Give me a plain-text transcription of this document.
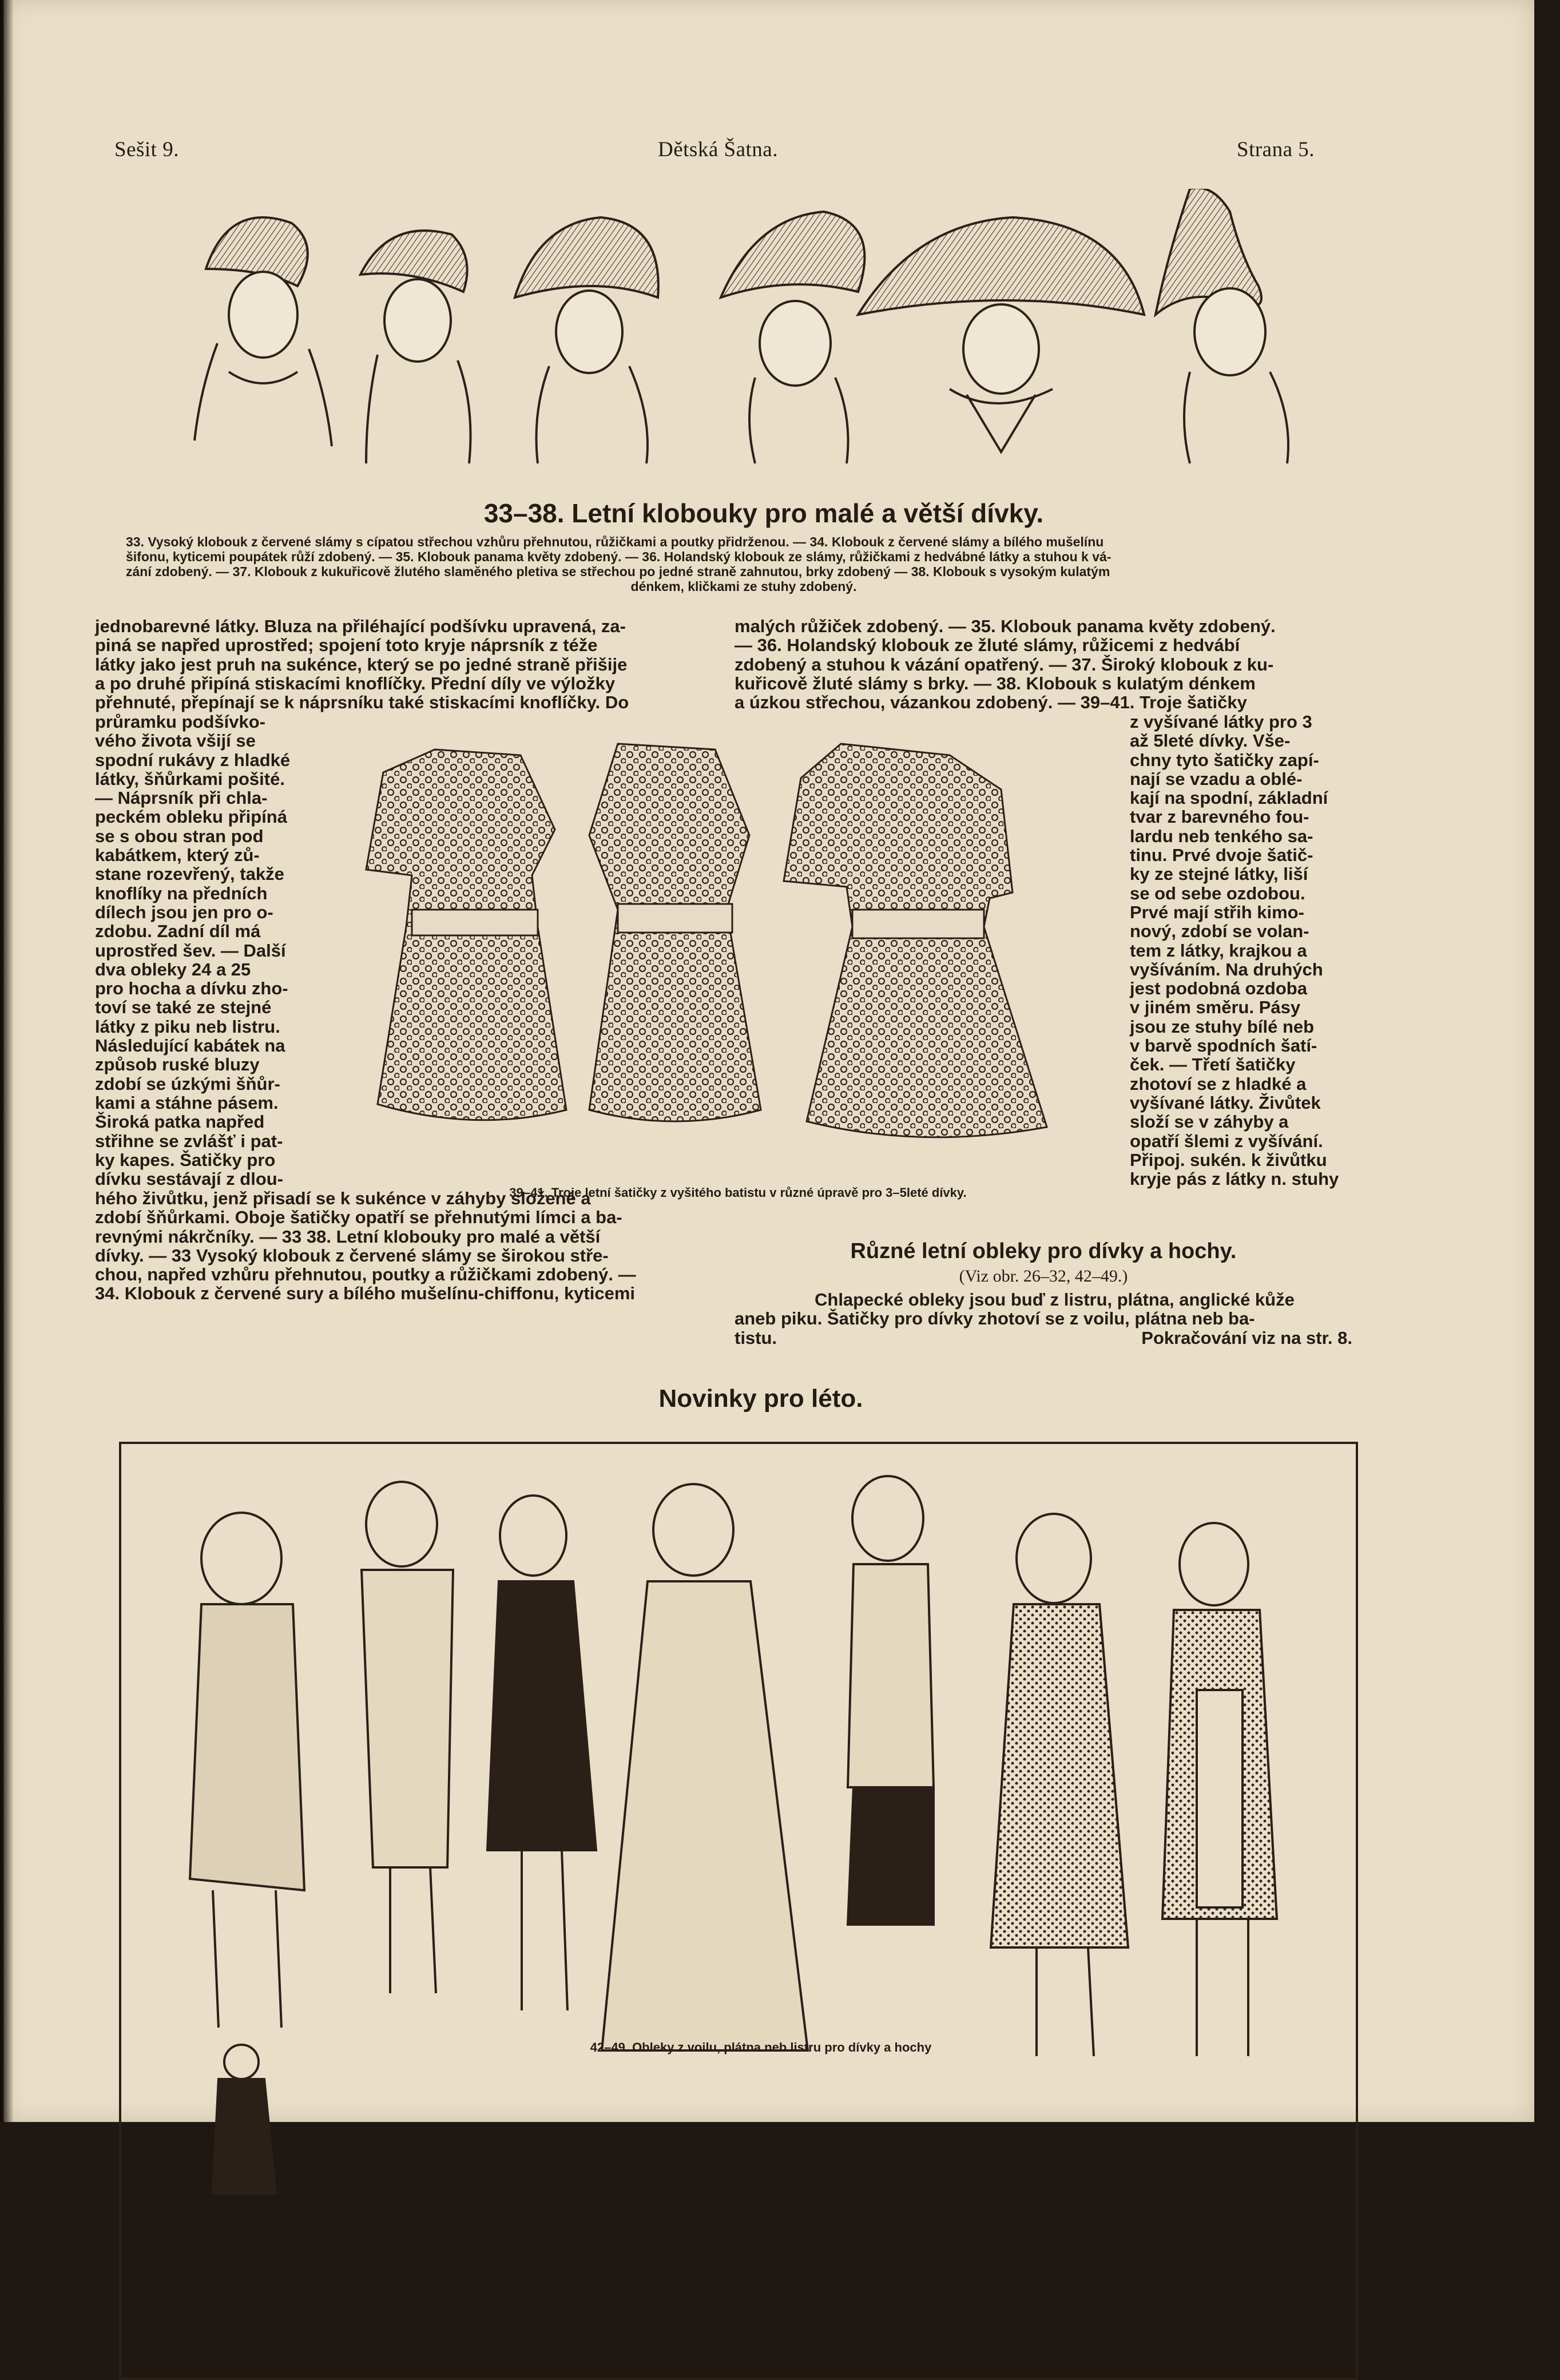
Sešit 9.	Dětská Šatna.	Strana 5.
33–38. Letní klobouky pro malé a větší dívky.
33. Vysoký klobouk z červené slámy s cípatou střechou vzhůru přehnutou, růžičkami a poutky přidrženou. — 34. Klobouk z červené slámy a bílého mušelínu
šifonu, kyticemi poupátek růží zdobený. — 35. Klobouk panama květy zdobený. — 36. Holandský klobouk ze slámy, růžičkami z hedvábné látky a stuhou k vá-
zání zdobený. — 37. Klobouk z kukuřicově žlutého slaměného pletiva se střechou po jedné straně zahnutou, brky zdobený — 38. Klobouk s vysokým kulatým
dénkem, kličkami ze stuhy zdobený.

jednobarevné látky. Bluza na přiléhající podšívku upravená, za-

piná se napřed uprostřed; spojení toto kryje náprsník z téže

látky jako jest pruh na sukénce, který se po jedné straně přišije

a po druhé připíná stiskacími knoflíčky. Přední díly ve výložky

přehnuté, přepínají se k náprsníku také stiskacími knoflíčky. Do

průramku podšívko-

vého života všijí se

spodní rukávy z hladké

látky, šňůrkami pošité.

— Náprsník při chla-

peckém obleku připíná

se s obou stran pod

kabátkem, který zů-

stane rozevřený, takže

knoflíky na předních

dílech jsou jen pro o-

zdobu. Zadní díl má

uprostřed šev. — Další

dva obleky 24 a 25

pro hocha a dívku zho-

toví se také ze stejné

látky z piku neb listru.

Následující kabátek na

způsob ruské bluzy

zdobí se úzkými šňůr-

kami a stáhne pásem.

Široká patka napřed

střihne se zvlášť i pat-

ky kapes. Šatičky pro

dívku sestávají z dlou-

hého živůtku, jenž přisadí se k sukénce v záhyby složené a

zdobí šňůrkami. Oboje šatičky opatří se přehnutými límci a ba-

revnými nákrčníky. — 33 38. Letní klobouky pro malé a větší

dívky. — 33 Vysoký klobouk z červené slámy se širokou stře-

chou, napřed vzhůru přehnutou, poutky a růžičkami zdobený. —

34. Klobouk z červené sury a bílého mušelínu-chiffonu, kyticemi

malých růžiček zdobený. — 35. Klobouk panama květy zdobený.

— 36. Holandský klobouk ze žluté slámy, růžicemi z hedvábí

zdobený a stuhou k vázání opatřený. — 37. Široký klobouk z ku-

kuřicově žluté slámy s brky. — 38. Klobouk s kulatým dénkem

a úzkou střechou, vázankou zdobený. — 39–41. Troje šatičky

z vyšívané látky pro 3

až 5leté dívky. Vše-

chny tyto šatičky zapí-

nají se vzadu a oblé-

kají na spodní, základní

tvar z barevného fou-

lardu neb tenkého sa-

tinu. Prvé dvoje šatič-

ky ze stejné látky, liší

se od sebe ozdobou.

Prvé mají střih kimo-

nový, zdobí se volan-

tem z látky, krajkou a

vyšíváním. Na druhých

jest podobná ozdoba

v jiném směru. Pásy

jsou ze stuhy bílé neb

v barvě spodních šatí-

ček. — Třetí šatičky

zhotoví se z hladké a

vyšívané látky. Živůtek

složí se v záhyby a

opatří šlemi z vyšívání.

Připoj. sukén. k živůtku

kryje pás z látky n. stuhy

39–41. Troje letní šatičky z vyšitého batistu v různé úpravě pro 3–5leté dívky.
Různé letní obleky pro dívky a hochy.
(Viz obr. 26–32, 42–49.)

Chlapecké obleky jsou buď z listru, plátna, anglické kůže

aneb piku. Šatičky pro dívky zhotoví se z voilu, plátna neb ba-

tistu.	Pokračování viz na str. 8.
Novinky pro léto.
42–49. Obleky z voilu, plátna neb listru pro dívky a hochy
